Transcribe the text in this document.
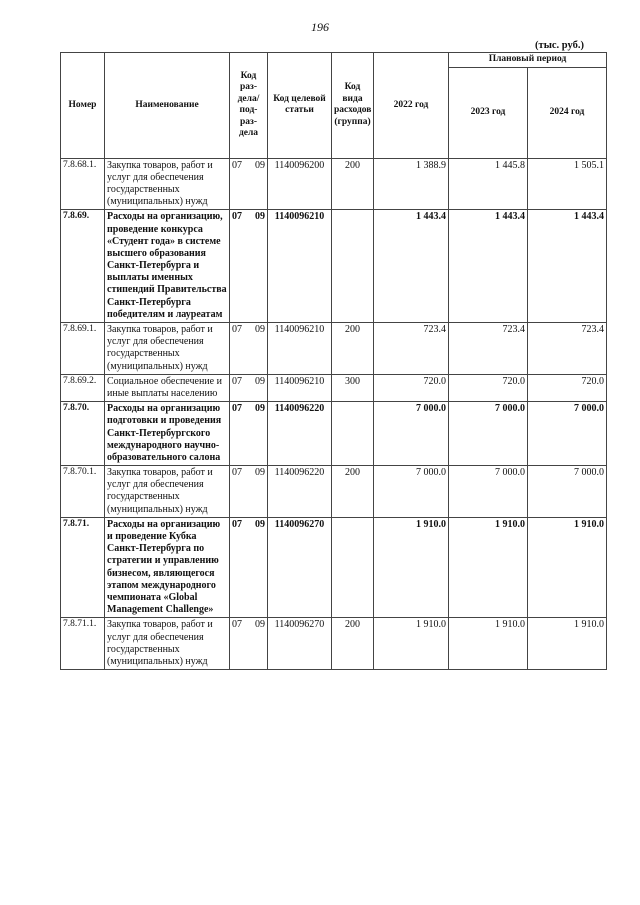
196
(тыс. руб.)
Номер	Наименование	Код раз-дела/ под-раз-дела	Код целевой статьи	Код вида расходов (группа)	2022 год	Плановый период	
						2023 год	2024 год
7.8.68.1.	Закупка товаров, работ и услуг для обеспечения государственных (муниципальных) нужд	07 09	1140096200	200	1 388.9	1 445.8	1 505.1
7.8.69.	Расходы на организацию, проведение конкурса «Студент года» в системе высшего образования Санкт-Петербурга и выплаты именных стипендий Правительства Санкт-Петербурга победителям и лауреатам	07 09	1140096210		1 443.4	1 443.4	1 443.4
7.8.69.1.	Закупка товаров, работ и услуг для обеспечения государственных (муниципальных) нужд	07 09	1140096210	200	723.4	723.4	723.4
7.8.69.2.	Социальное обеспечение и иные выплаты населению	07 09	1140096210	300	720.0	720.0	720.0
7.8.70.	Расходы на организацию подготовки и проведения Санкт-Петербургского международного научно-образовательного салона	07 09	1140096220		7 000.0	7 000.0	7 000.0
7.8.70.1.	Закупка товаров, работ и услуг для обеспечения государственных (муниципальных) нужд	07 09	1140096220	200	7 000.0	7 000.0	7 000.0
7.8.71.	Расходы на организацию и проведение Кубка Санкт-Петербурга по стратегии и управлению бизнесом, являющегося этапом международного чемпионата «Global Management Challenge»	07 09	1140096270		1 910.0	1 910.0	1 910.0
7.8.71.1.	Закупка товаров, работ и услуг для обеспечения государственных (муниципальных) нужд	07 09	1140096270	200	1 910.0	1 910.0	1 910.0
